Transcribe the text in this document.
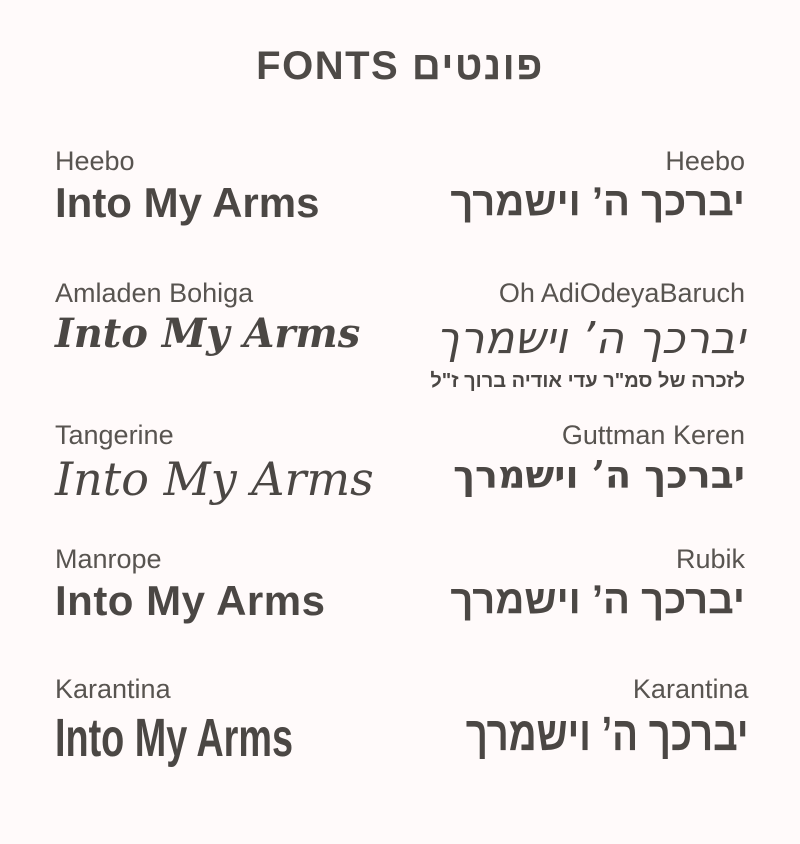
FONTS פונטים
Heebo
Into My Arms
Heebo
יברכך ה’ וישמרך
Amladen Bohiga
Into My Arms
Oh AdiOdeyaBaruch
יברכך ה’ וישמרך
לזכרה של סמ"ר עדי אודיה ברוך ז"ל
Tangerine
Into My Arms
Guttman Keren
יברכך ה’ וישמרך
Manrope
Into My Arms
Rubik
יברכך ה’ וישמרך
Karantina
Into My Arms
Karantina
יברכך ה’ וישמרך
